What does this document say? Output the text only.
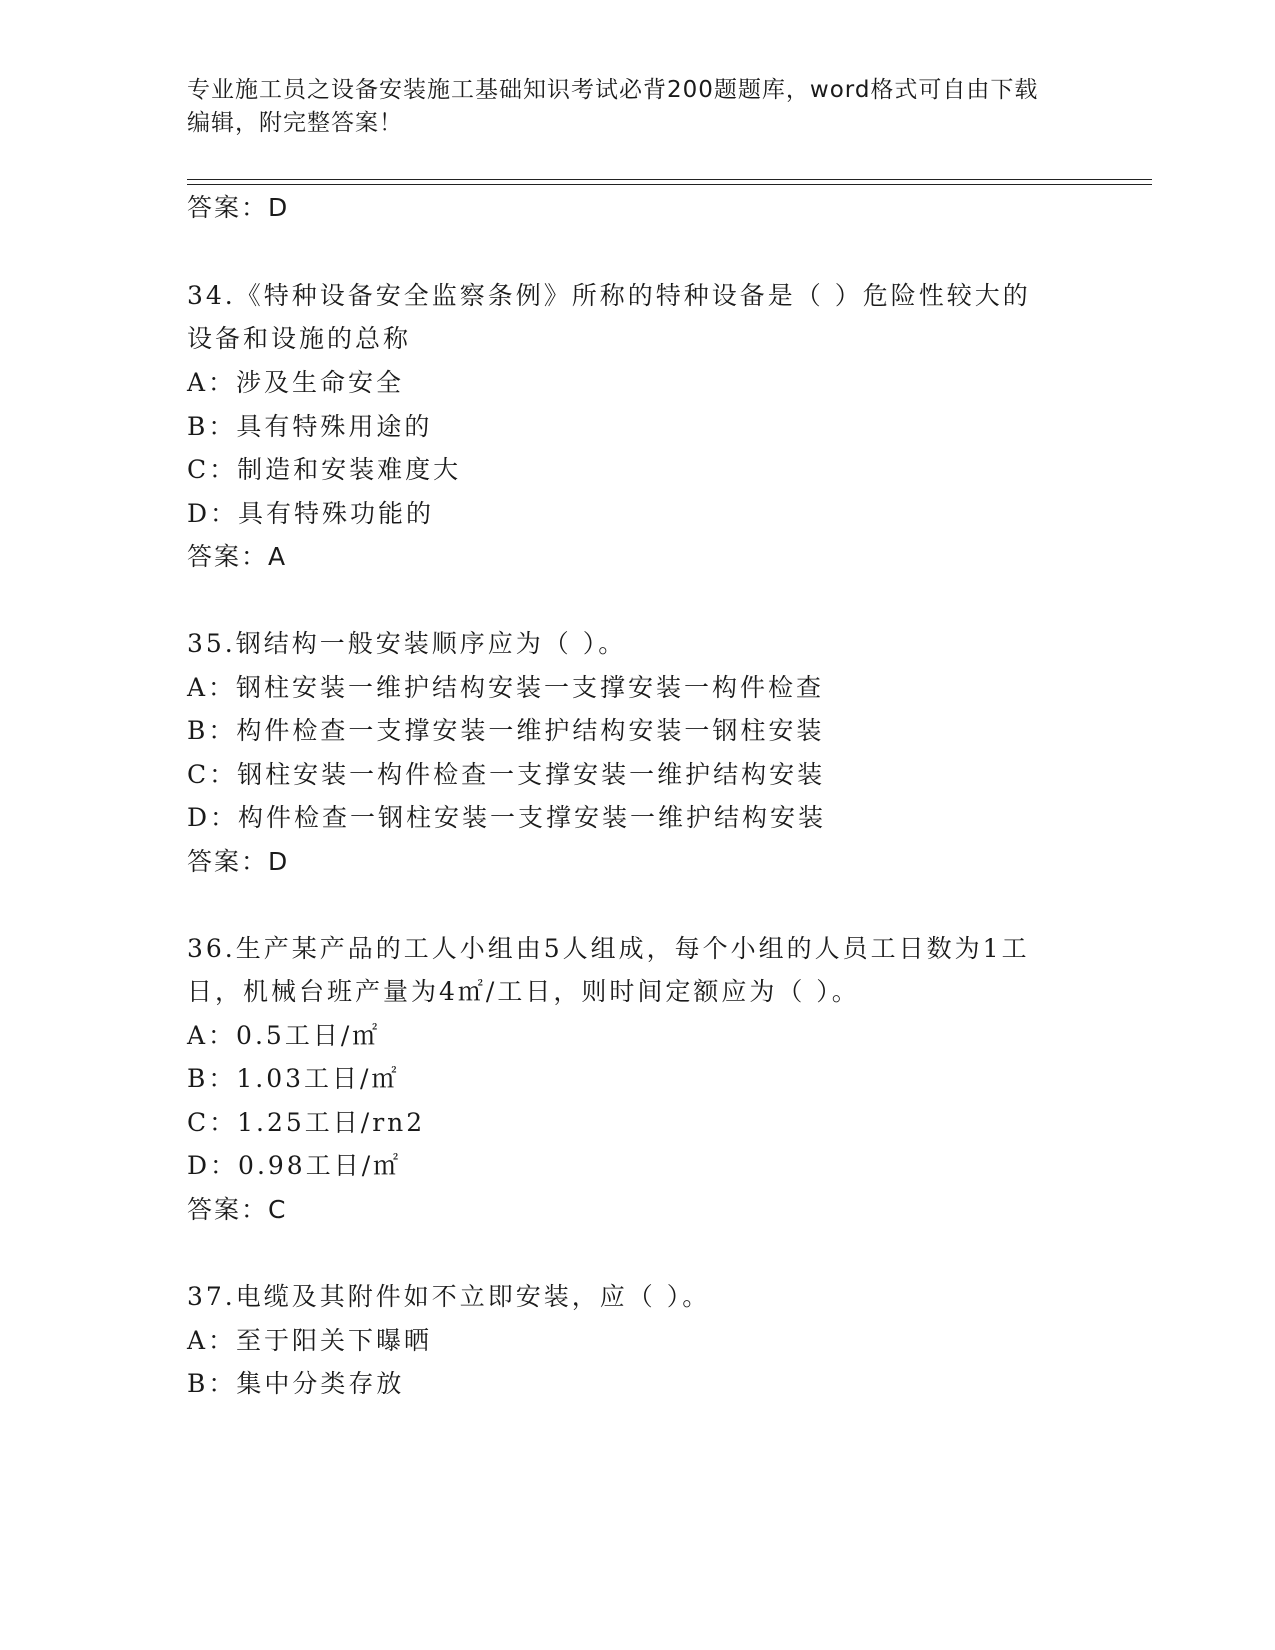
专业施工员之设备安装施工基础知识考试必背200题题库，word格式可自由下载
编辑，附完整答案！
答案：D
34.《特种设备安全监察条例》所称的特种设备是（ ）危险性较大的
设备和设施的总称
A：涉及生命安全
B：具有特殊用途的
C：制造和安装难度大
D：具有特殊功能的
答案：A
35.钢结构一般安装顺序应为（ ）。
A：钢柱安装一维护结构安装一支撑安装一构件检查
B：构件检查一支撑安装一维护结构安装一钢柱安装
C：钢柱安装一构件检查一支撑安装一维护结构安装
D：构件检查一钢柱安装一支撑安装一维护结构安装
答案：D
36.生产某产品的工人小组由5人组成，每个小组的人员工日数为1工
日，机械台班产量为4㎡/工日，则时间定额应为（ ）。
A：0.5工日/㎡
B：1.03工日/㎡
C：1.25工日/rn2
D：0.98工日/㎡
答案：C
37.电缆及其附件如不立即安装，应（ ）。
A：至于阳关下曝晒
B：集中分类存放
